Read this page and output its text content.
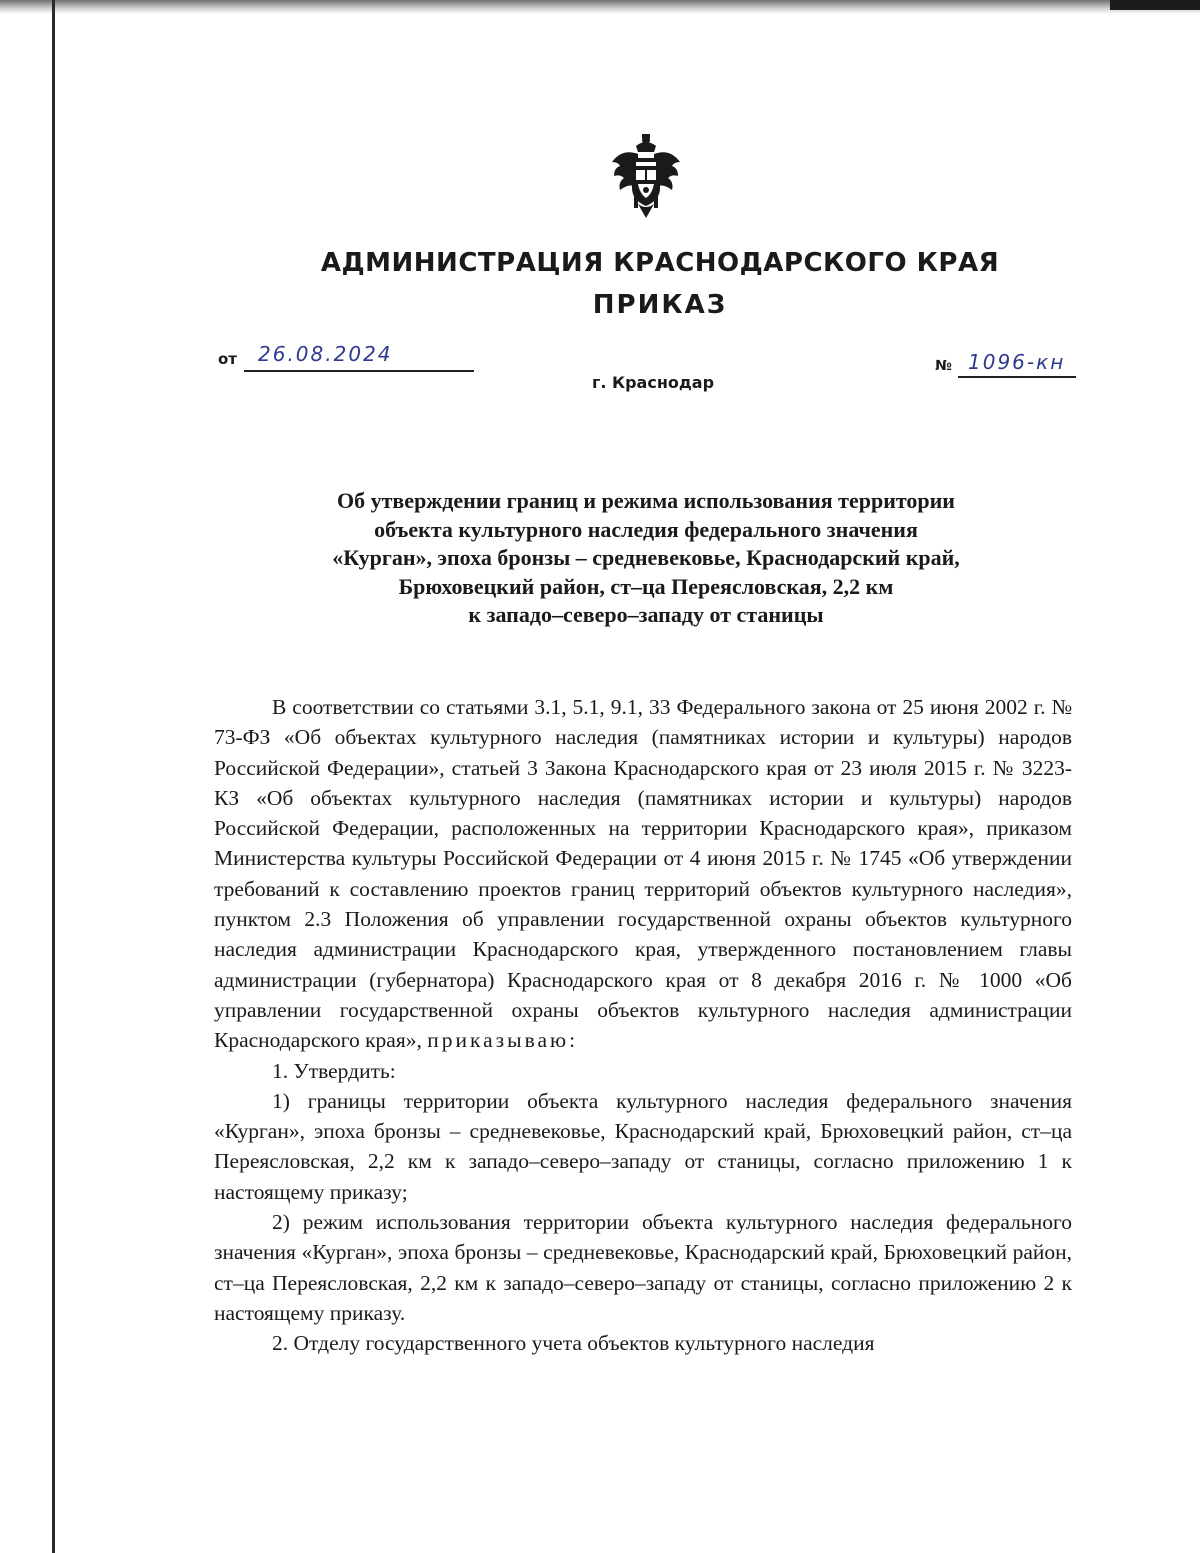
АДМИНИСТРАЦИЯ КРАСНОДАРСКОГО КРАЯ
ПРИКАЗ
от 26.08.2024
г. Краснодар
№ 1096-кн
Об утверждении границ и режима использования территории
объекта культурного наследия федерального значения
«Курган», эпоха бронзы – средневековье, Краснодарский край,
Брюховецкий район, ст–ца Переясловская, 2,2 км
к западо–северо–западу от станицы

В соответствии со статьями 3.1, 5.1, 9.1, 33 Федерального закона от 25 июня 2002 г. № 73-ФЗ «Об объектах культурного наследия (памятниках истории и культуры) народов Российской Федерации», статьей 3 Закона Краснодарского края от 23 июля 2015 г. № 3223-КЗ «Об объектах культурного наследия (памятниках истории и культуры) народов Российской Федерации, расположенных на территории Краснодарского края», приказом Министерства культуры Российской Федерации от 4 июня 2015 г. № 1745 «Об утверждении требований к составлению проектов границ территорий объектов культурного наследия», пунктом 2.3 Положения об управлении государственной охраны объектов культурного наследия администрации Краснодарского края, утвержденного постановлением главы администрации (губернатора) Краснодарского края от 8 декабря 2016 г. № 1000 «Об управлении государственной охраны объектов культурного наследия администрации Краснодарского края», приказываю:

1. Утвердить:

1) границы территории объекта культурного наследия федерального значения «Курган», эпоха бронзы – средневековье, Краснодарский край, Брюховецкий район, ст–ца Переясловская, 2,2 км к западо–северо–западу от станицы, согласно приложению 1 к настоящему приказу;

2) режим использования территории объекта культурного наследия федерального значения «Курган», эпоха бронзы – средневековье, Краснодарский край, Брюховецкий район, ст–ца Переясловская, 2,2 км к западо–северо–западу от станицы, согласно приложению 2 к настоящему приказу.

2. Отделу государственного учета объектов культурного наследия
